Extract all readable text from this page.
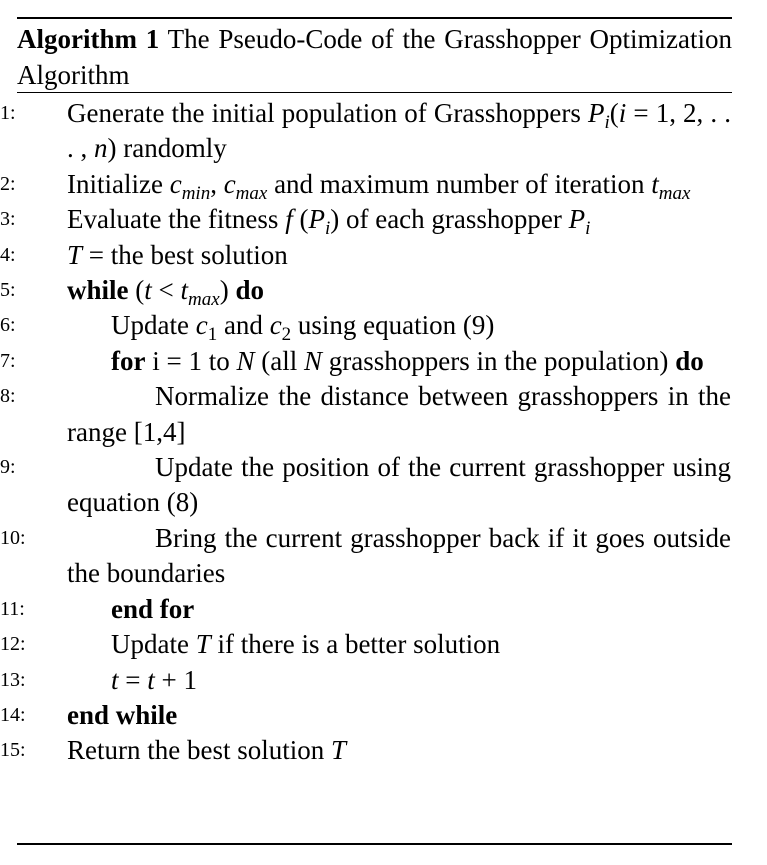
Algorithm 1 The Pseudo-Code of the Grasshopper Optimization Algorithm
1:	Generate the initial population of Grasshoppers $P_i(i = 1$, 2, . . . , n) randomly
2:	Initialize $c_{min}$, $c_{max}$ and maximum number of iteration $t_{max}$
3:	Evaluate the fitness f $(P_i)$ of each grasshopper $P_i$
4:	T = the best solution
5:	while $(t < t_{max})$ do
6:	Update $c_1$ and $c_2$ using equation (9)
7:	for i = 1 to N (all N grasshoppers in the population) do
8:	Normalize the distance between grasshoppers in the range [1,4]
9:	Update the position of the current grasshopper using equation (8)
10:	Bring the current grasshopper back if it goes outside the boundaries
11:	end for
12:	Update T if there is a better solution
13:	t = t + 1
14:	end while
15:	Return the best solution T
